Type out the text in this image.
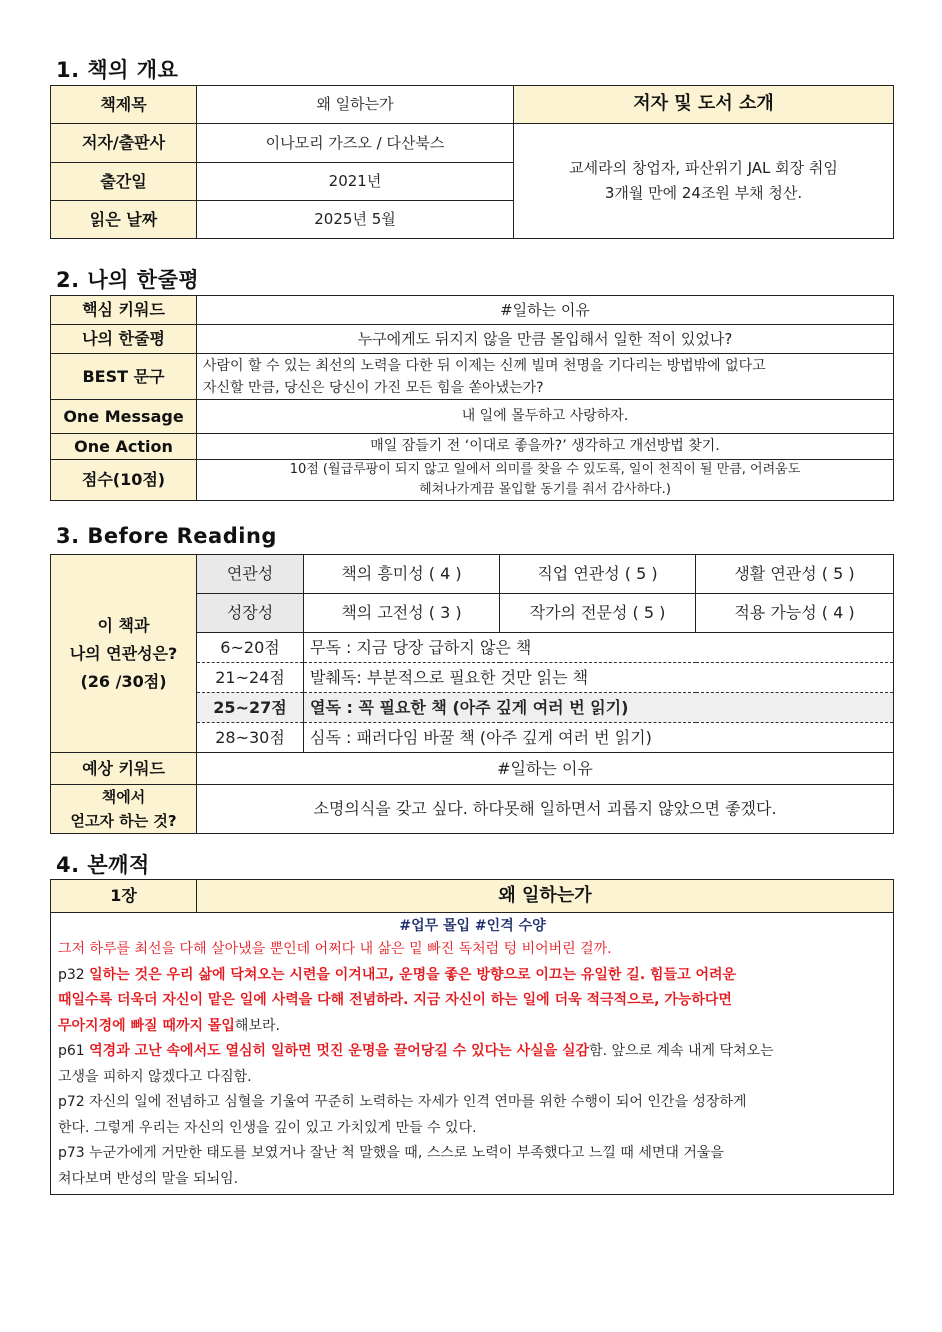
1. 책의 개요
책제목	왜 일하는가	저자 및 도서 소개
저자/출판사	이나모리 가즈오 / 다산북스	교세라의 창업자, 파산위기 JAL 회장 취임
3개월 만에 24조원 부채 청산.

출간일	2021년	
읽은 날짜	2025년 5월	
2. 나의 한줄평
핵심 키워드	#일하는 이유
나의 한줄평	누구에게도 뒤지지 않을 만큼 몰입해서 일한 적이 있었나?
BEST 문구	사람이 할 수 있는 최선의 노력을 다한 뒤 이제는 신께 빌며 천명을 기다리는 방법밖에 없다고
자신할 만큼, 당신은 당신이 가진 모든 힘을 쏟아냈는가?

One Message	내 일에 몰두하고 사랑하자.
One Action	매일 잠들기 전 ‘이대로 좋을까?’ 생각하고 개선방법 찾기.
점수(10점)	10점 (월급루팡이 되지 않고 일에서 의미를 찾을 수 있도록, 일이 천직이 될 만큼, 어려움도
헤쳐나가게끔 몰입할 동기를 줘서 감사하다.)
3. Before Reading
이 책과
나의 연관성은?
(26 /30점)	연관성	책의 흥미성 ( 4 )	직업 연관성 ( 5 )	생활 연관성 ( 5 )
	성장성	책의 고전성 ( 3 )	작가의 전문성 ( 5 )	적용 가능성 ( 4 )
	6~20점	무독 : 지금 당장 급하지 않은 책		
	21~24점	발췌독: 부분적으로 필요한 것만 읽는 책		
	25~27점	열독 : 꼭 필요한 책 (아주 깊게 여러 번 읽기)		
	28~30점	심독 : 패러다임 바꿀 책 (아주 깊게 여러 번 읽기)		
예상 키워드	#일하는 이유			

책에서
얻고자 하는 것?	소명의식을 갖고 싶다. 하다못해 일하면서 괴롭지 않았으면 좋겠다.			
4. 본깨적
1장	왜 일하는가

#업무 몰입 #인격 수양
그저 하루를 최선을 다해 살아냈을 뿐인데 어쩌다 내 삶은 밑 빠진 독처럼 텅 비어버린 걸까.
p32 일하는 것은 우리 삶에 닥쳐오는 시련을 이겨내고, 운명을 좋은 방향으로 이끄는 유일한 길. 힘들고 어려운
때일수록 더욱더 자신이 맡은 일에 사력을 다해 전념하라. 지금 자신이 하는 일에 더욱 적극적으로, 가능하다면
무아지경에 빠질 때까지 몰입해보라.
p61 역경과 고난 속에서도 열심히 일하면 멋진 운명을 끌어당길 수 있다는 사실을 실감함. 앞으로 계속 내게 닥쳐오는
고생을 피하지 않겠다고 다짐함.
p72 자신의 일에 전념하고 심혈을 기울여 꾸준히 노력하는 자세가 인격 연마를 위한 수행이 되어 인간을 성장하게
한다. 그렇게 우리는 자신의 인생을 깊이 있고 가치있게 만들 수 있다.
p73 누군가에게 거만한 태도를 보였거나 잘난 척 말했을 때, 스스로 노력이 부족했다고 느낄 때 세면대 거울을
쳐다보며 반성의 말을 되뇌임.
